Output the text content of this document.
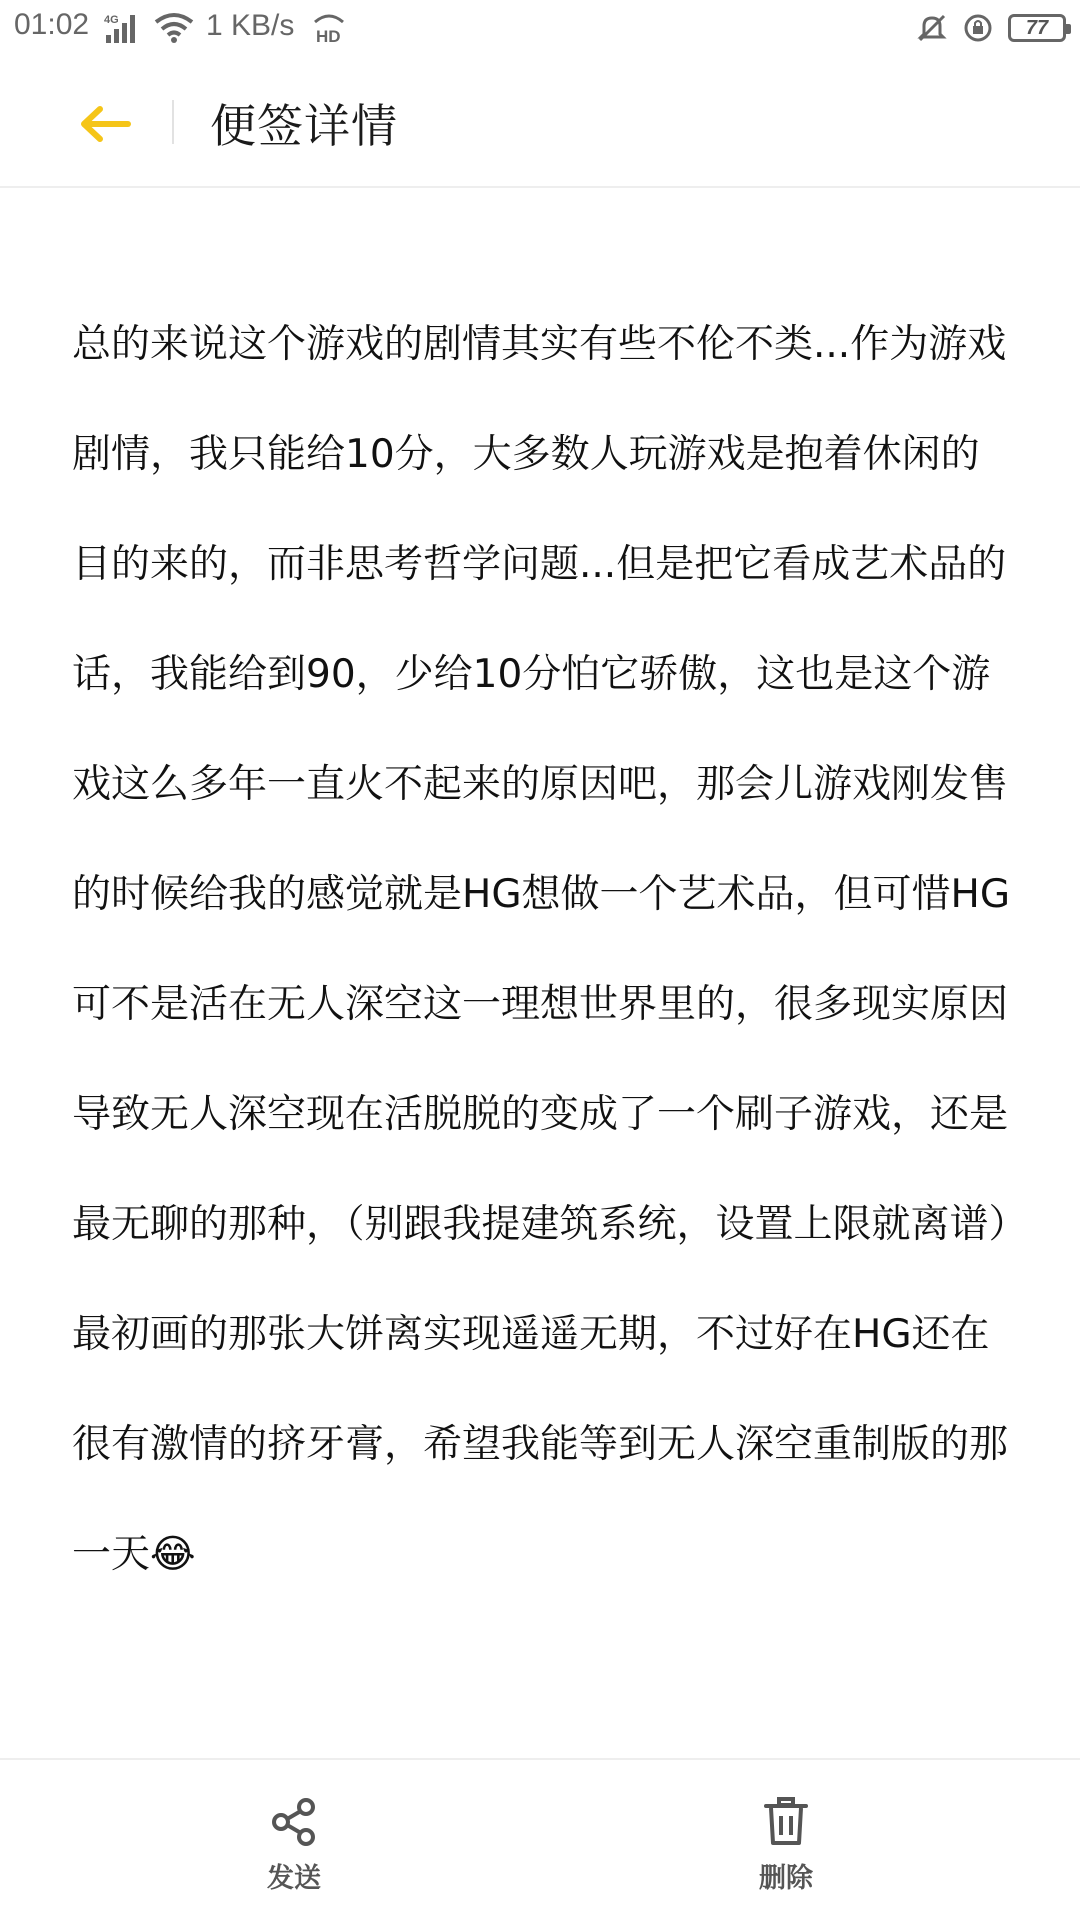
01:02 4G	1 KB/s HD	77
便签详情
总的来说这个游戏的剧情其实有些不伦不类...作为游戏剧情，我只能给10分，大多数人玩游戏是抱着休闲的目的来的，而非思考哲学问题...但是把它看成艺术品的话，我能给到90，少给10分怕它骄傲，这也是这个游戏这么多年一直火不起来的原因吧，那会儿游戏刚发售的时候给我的感觉就是HG想做一个艺术品，但可惜HG可不是活在无人深空这一理想世界里的，很多现实原因导致无人深空现在活脱脱的变成了一个刷子游戏，还是最无聊的那种，（别跟我提建筑系统，设置上限就离谱）最初画的那张大饼离实现遥遥无期，不过好在HG还在很有激情的挤牙膏，希望我能等到无人深空重制版的那一天😂
发送	删除
